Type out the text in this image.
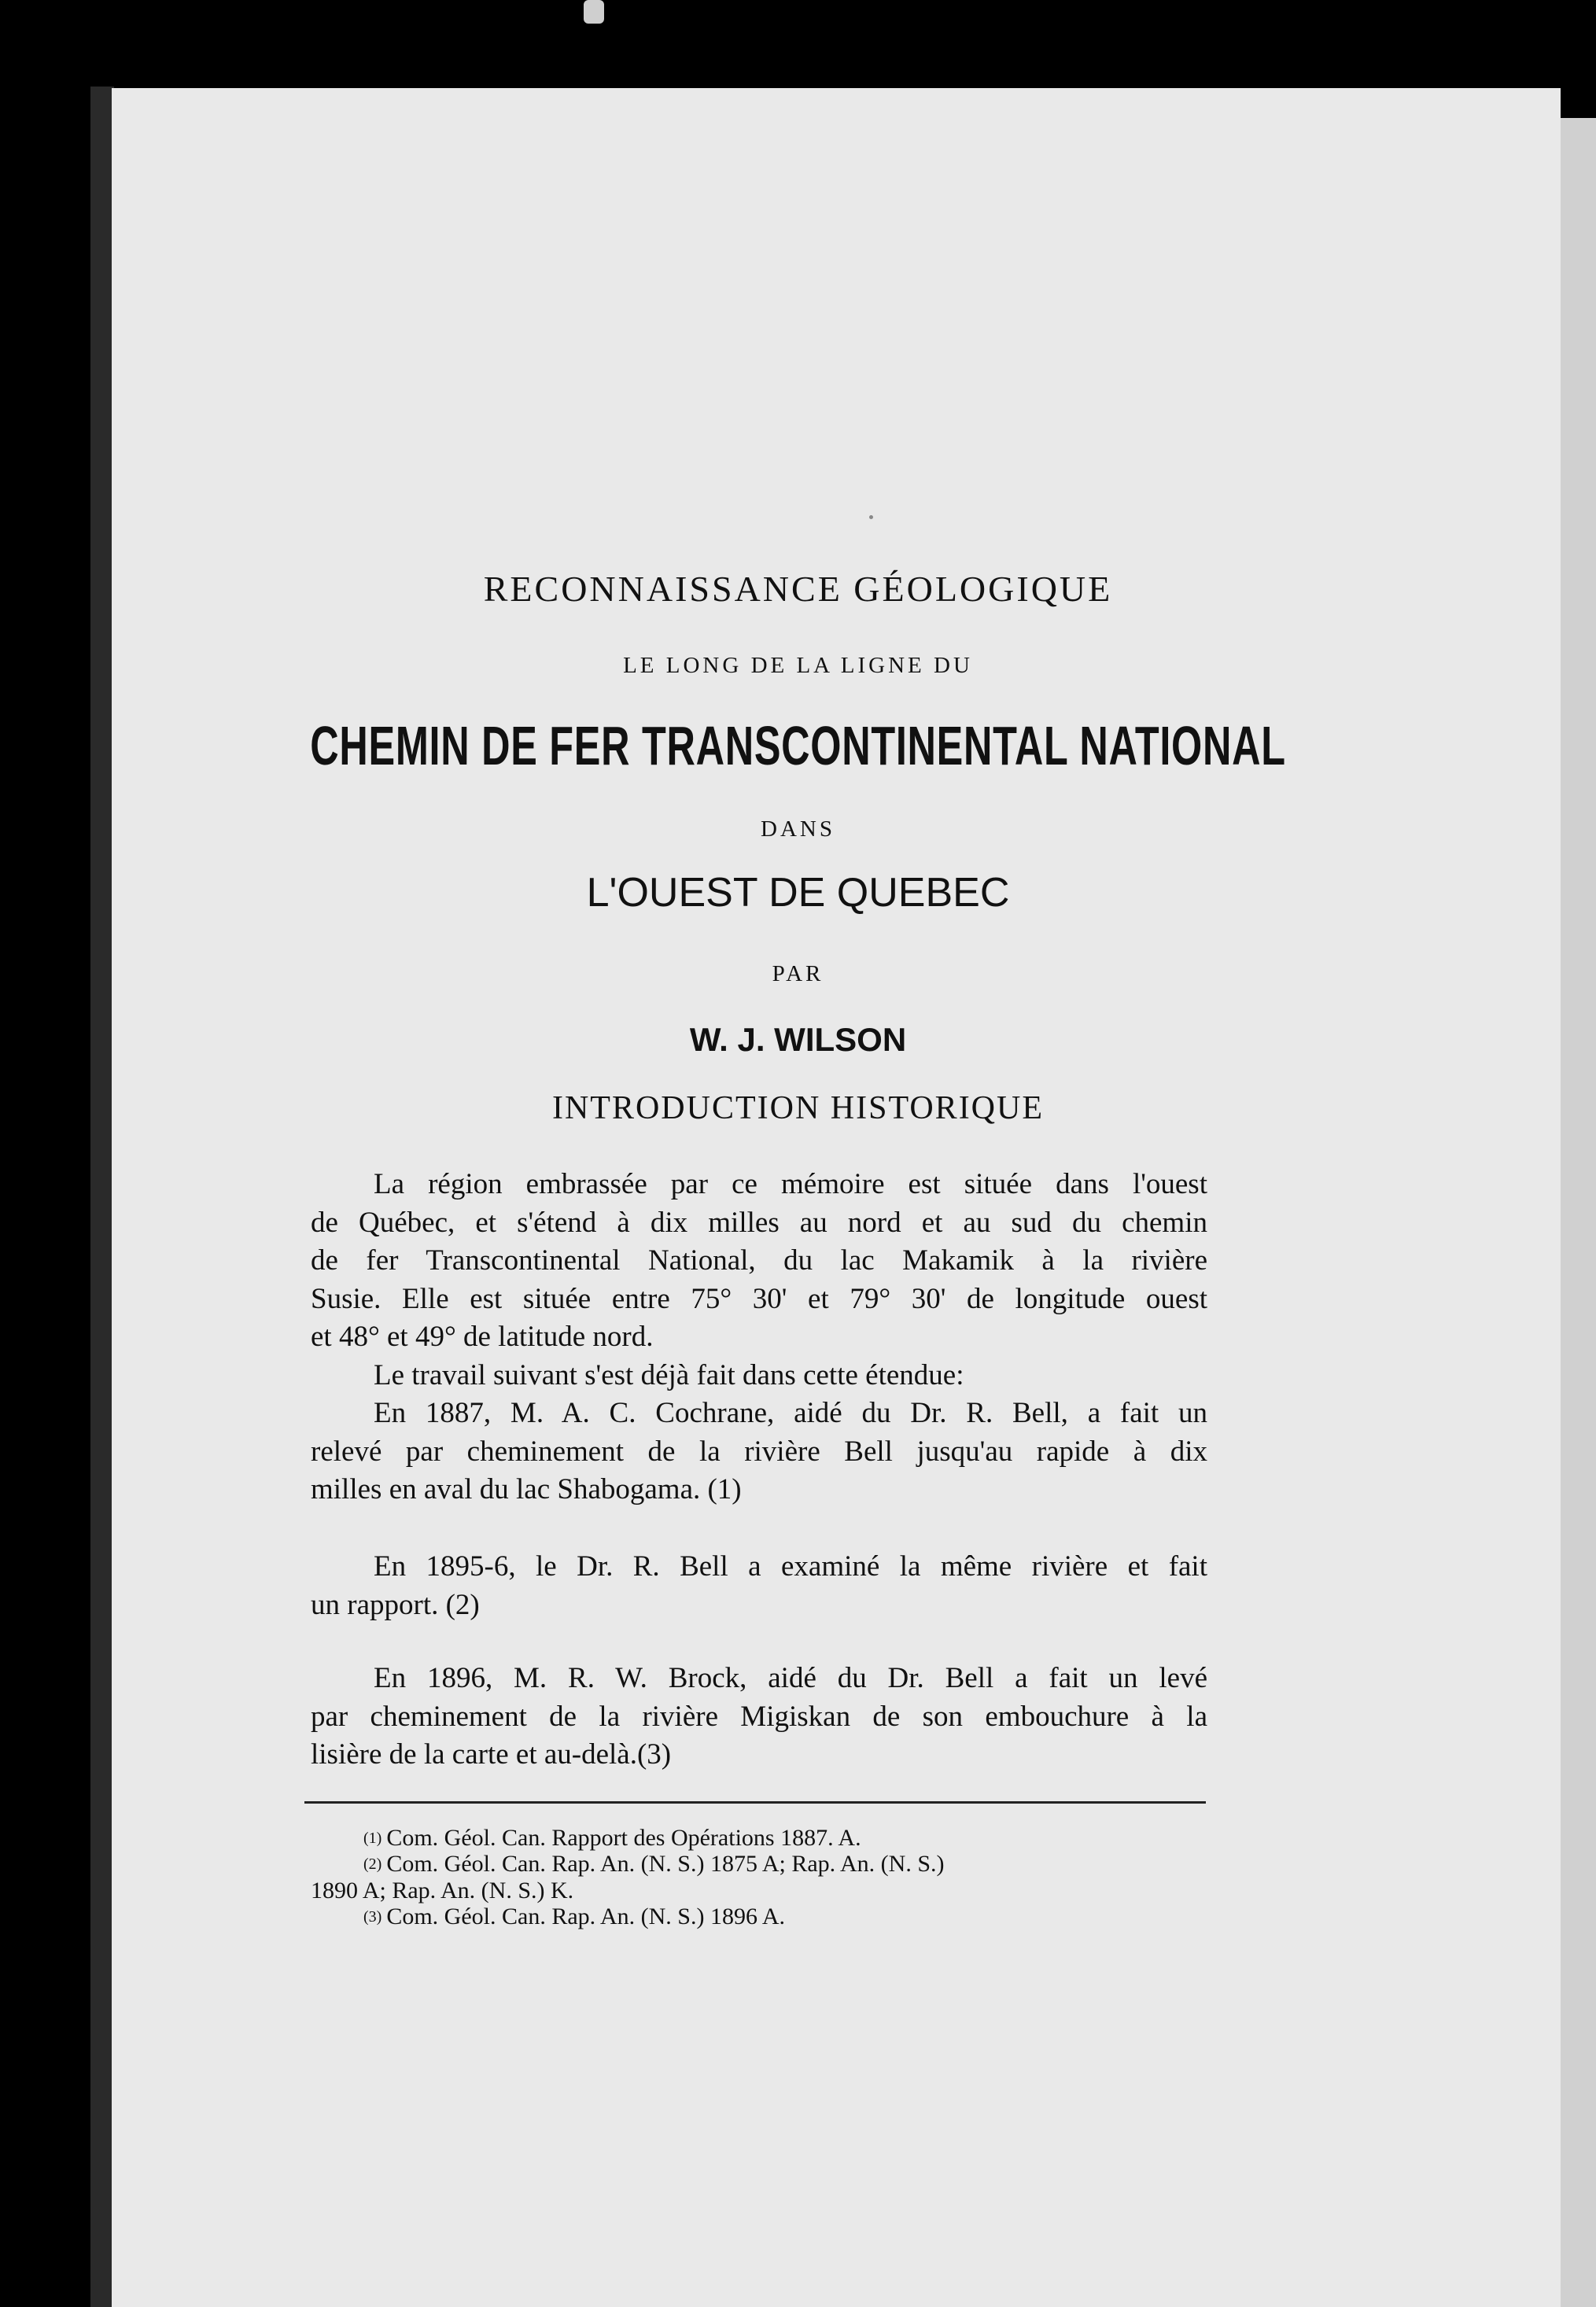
RECONNAISSANCE GÉOLOGIQUE
LE LONG DE LA LIGNE DU
CHEMIN DE FER TRANSCONTINENTAL NATIONAL
DANS
L'OUEST DE QUEBEC
PAR
W. J. WILSON
INTRODUCTION HISTORIQUE
La région embrassée par ce mémoire est située dans l'ouest
de Québec, et s'étend à dix milles au nord et au sud du chemin
de fer Transcontinental National, du lac Makamik à la rivière
Susie. Elle est située entre 75° 30' et 79° 30' de longitude ouest
et 48° et 49° de latitude nord.
Le travail suivant s'est déjà fait dans cette étendue:
En 1887, M. A. C. Cochrane, aidé du Dr. R. Bell, a fait un
relevé par cheminement de la rivière Bell jusqu'au rapide à dix
milles en aval du lac Shabogama. (1)
En 1895-6, le Dr. R. Bell a examiné la même rivière et fait
un rapport. (2)
En 1896, M. R. W. Brock, aidé du Dr. Bell a fait un levé
par cheminement de la rivière Migiskan de son embouchure à la
lisière de la carte et au-delà.(3)
$^{(1)}$ Com. Géol. Can. Rapport des Opérations 1887. A.
$^{(2)}$ Com. Géol. Can. Rap. An. (N. S.) 1875 A; Rap. An. (N. S.)
1890 A; Rap. An. (N. S.) K.
$^{(3)}$ Com. Géol. Can. Rap. An. (N. S.) 1896 A.
